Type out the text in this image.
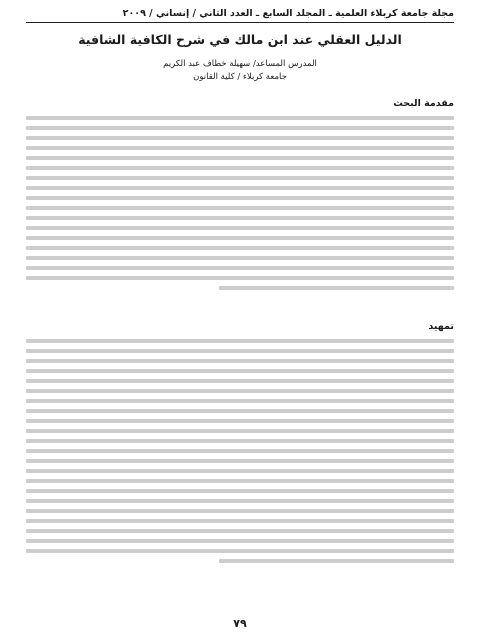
مجلة جامعة كربلاء العلمية ـ المجلد السابع ـ العدد الثاني / إنساني / ٢٠٠٩
الدليل العقلي عند ابن مالك في شرح الكافية الشافية

المدرس المساعد/ سهيلة خطاف عبد الكريم

جامعة كربلاء / كلية القانون

مقدمة البحث
تمهيد
٧٩
